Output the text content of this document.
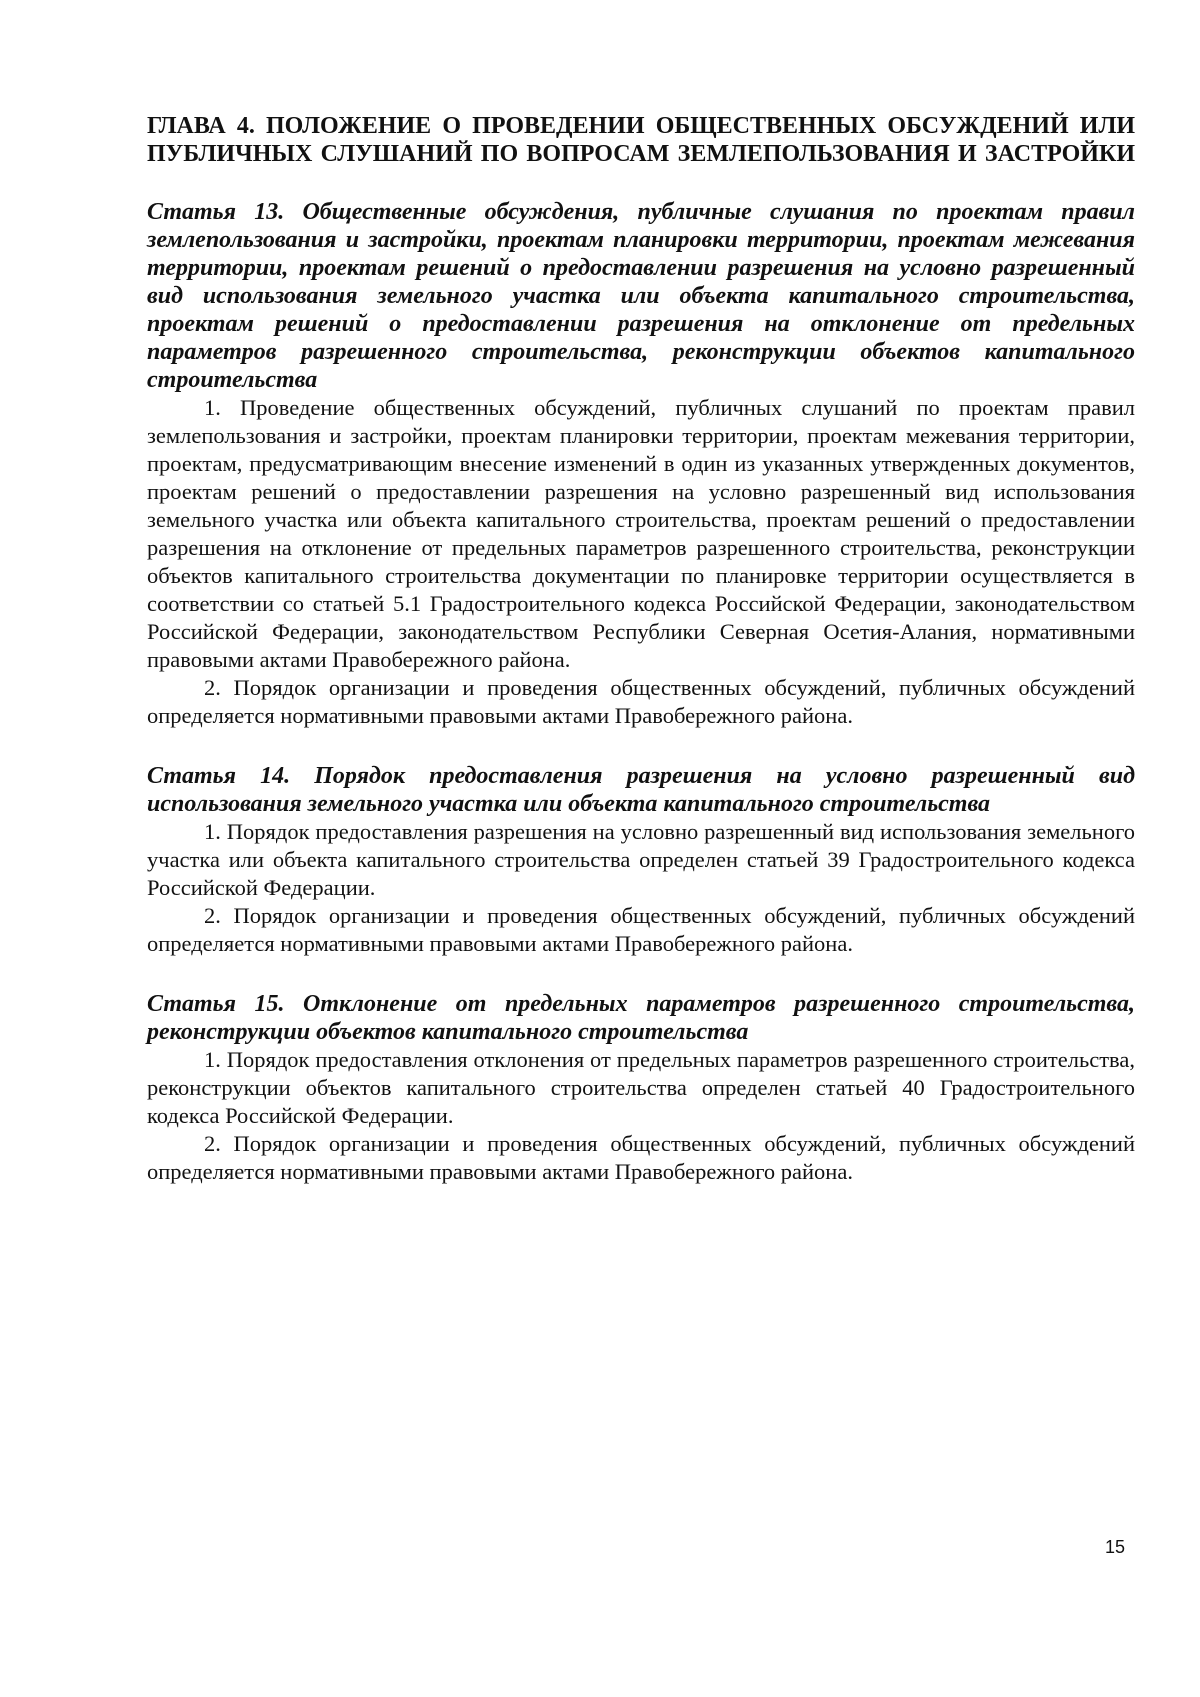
ГЛАВА 4. ПОЛОЖЕНИЕ О ПРОВЕДЕНИИ ОБЩЕСТВЕННЫХ ОБСУЖДЕНИЙ ИЛИ ПУБЛИЧНЫХ СЛУШАНИЙ ПО ВОПРОСАМ ЗЕМЛЕПОЛЬЗОВАНИЯ И ЗАСТРОЙКИ
Статья 13. Общественные обсуждения, публичные слушания по проектам правил землепользования и застройки, проектам планировки территории, проектам межевания территории, проектам решений о предоставлении разрешения на условно разрешенный вид использования земельного участка или объекта капитального строительства, проектам решений о предоставлении разрешения на отклонение от предельных параметров разрешенного строительства, реконструкции объектов капитального строительства

1. Проведение общественных обсуждений, публичных слушаний по проектам правил землепользования и застройки, проектам планировки территории, проектам межевания территории, проектам, предусматривающим внесение изменений в один из указанных утвержденных документов, проектам решений о предоставлении разрешения на условно разрешенный вид использования земельного участка или объекта капитального строительства, проектам решений о предоставлении разрешения на отклонение от предельных параметров разрешенного строительства, реконструкции объектов капитального строительства документации по планировке территории осуществляется в соответствии со статьей 5.1 Градостроительного кодекса Российской Федерации, законодательством Российской Федерации, законодательством Республики Северная Осетия-Алания, нормативными правовыми актами Правобережного района.

2. Порядок организации и проведения общественных обсуждений, публичных обсуждений определяется нормативными правовыми актами Правобережного района.

Статья 14. Порядок предоставления разрешения на условно разрешенный вид использования земельного участка или объекта капитального строительства

1. Порядок предоставления разрешения на условно разрешенный вид использования земельного участка или объекта капитального строительства определен статьей 39 Градостроительного кодекса Российской Федерации.

2. Порядок организации и проведения общественных обсуждений, публичных обсуждений определяется нормативными правовыми актами Правобережного района.

Статья 15. Отклонение от предельных параметров разрешенного строительства, реконструкции объектов капитального строительства

1. Порядок предоставления отклонения от предельных параметров разрешенного строительства, реконструкции объектов капитального строительства определен статьей 40 Градостроительного кодекса Российской Федерации.

2. Порядок организации и проведения общественных обсуждений, публичных обсуждений определяется нормативными правовыми актами Правобережного района.

15
